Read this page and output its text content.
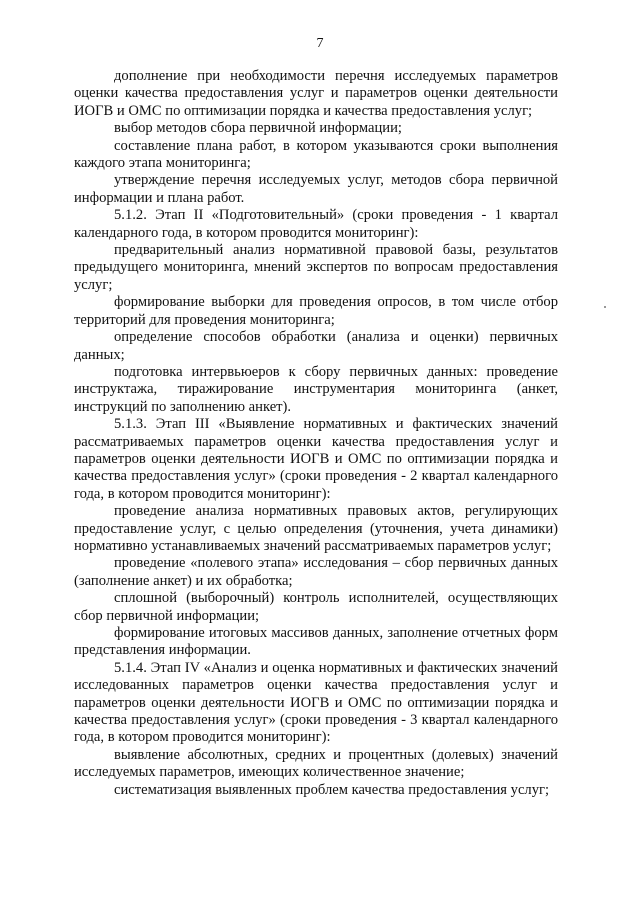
7

дополнение при необходимости перечня исследуемых параметров оценки качества предоставления услуг и параметров оценки деятельности ИОГВ и ОМС по оптимизации порядка и качества предоставления услуг;

выбор методов сбора первичной информации;

составление плана работ, в котором указываются сроки выполнения каждого этапа мониторинга;

утверждение перечня исследуемых услуг, методов сбора первичной информации и плана работ.

5.1.2. Этап II «Подготовительный» (сроки проведения - 1 квартал календарного года, в котором проводится мониторинг):

предварительный анализ нормативной правовой базы, результатов предыдущего мониторинга, мнений экспертов по вопросам предоставления услуг;

формирование выборки для проведения опросов, в том числе отбор территорий для проведения мониторинга;

определение способов обработки (анализа и оценки) первичных данных;

подготовка интервьюеров к сбору первичных данных: проведение инструктажа, тиражирование инструментария мониторинга (анкет, инструкций по заполнению анкет).

5.1.3. Этап III «Выявление нормативных и фактических значений рассматриваемых параметров оценки качества предоставления услуг и параметров оценки деятельности ИОГВ и ОМС по оптимизации порядка и качества предоставления услуг» (сроки проведения - 2 квартал календарного года, в котором проводится мониторинг):

проведение анализа нормативных правовых актов, регулирующих предоставление услуг, с целью определения (уточнения, учета динамики) нормативно устанавливаемых значений рассматриваемых параметров услуг;

проведение «полевого этапа» исследования – сбор первичных данных (заполнение анкет) и их обработка;

сплошной (выборочный) контроль исполнителей, осуществляющих сбор первичной информации;

формирование итоговых массивов данных, заполнение отчетных форм представления информации.

5.1.4. Этап IV «Анализ и оценка нормативных и фактических значений исследованных параметров оценки качества предоставления услуг и параметров оценки деятельности ИОГВ и ОМС по оптимизации порядка и качества предоставления услуг» (сроки проведения - 3 квартал календарного года, в котором проводится мониторинг):

выявление абсолютных, средних и процентных (долевых) значений исследуемых параметров, имеющих количественное значение;

систематизация выявленных проблем качества предоставления услуг;
